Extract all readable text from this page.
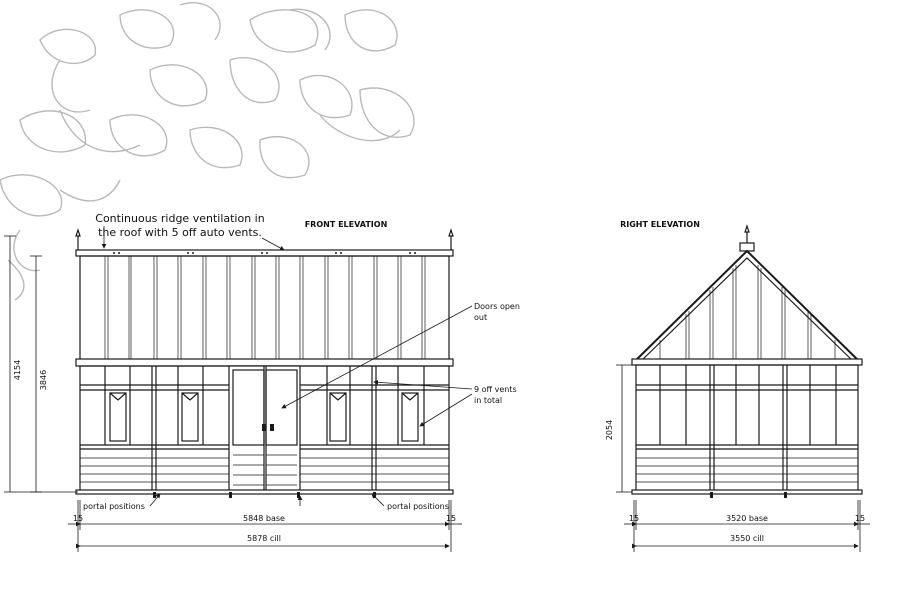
4154 3846
15	15
5848 base
5878 cill
FRONT ELEVATION
Continuous ridge ventilation in
the roof with 5 off auto vents.
Doors open
out
9 off vents
in total
portal positions	portal positions
RIGHT ELEVATION
2054
15	15
3520 base
3550 cill
